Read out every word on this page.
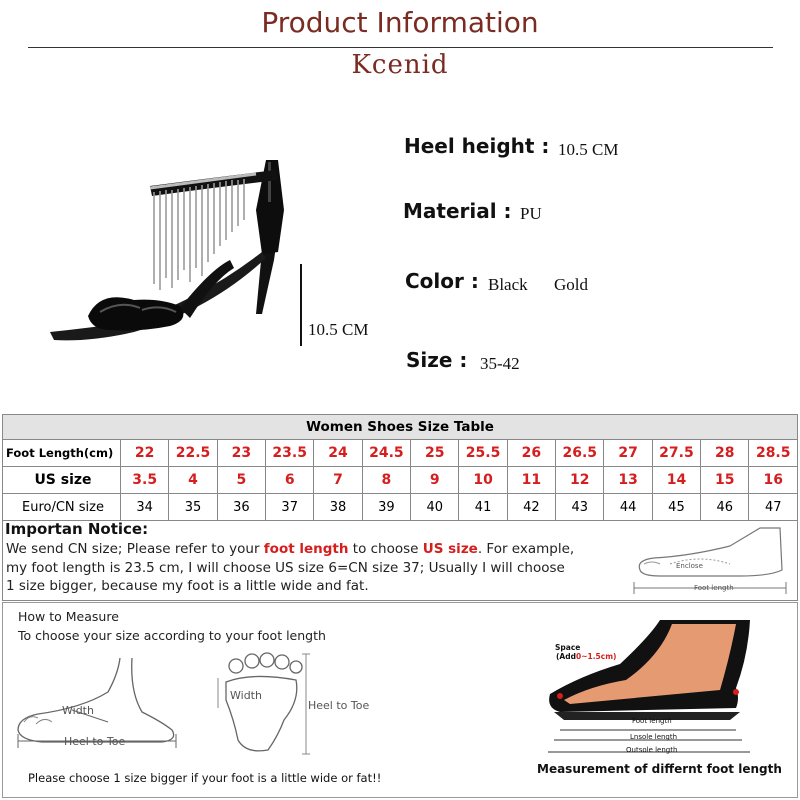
Product Information
Kcenid
10.5 CM
Heel height : 10.5 CM
Material : PU
Color : Black Gold
Size : 35-42
Women Shoes Size Table														
Foot Length(cm)	22	22.5	23	23.5	24	24.5	25	25.5	26	26.5	27	27.5	28	28.5
US size	3.5	4	5	6	7	8	9	10	11	12	13	14	15	16
Euro/CN size	34	35	36	37	38	39	40	41	42	43	44	45	46	47
Importan Notice:
We send CN size; Please refer to your foot length to choose US size. For example,
my foot length is 23.5 cm, I will choose US size 6=CN size 37; Usually I will choose
1 size bigger, because my foot is a little wide and fat.
Enclose
Foot length
How to Measure
To choose your size according to your foot length
Width
Heel to Toe
Width
Heel to Toe
Please choose 1 size bigger if your foot is a little wide or fat!!
Space
(Add0~1.5cm)
Foot length
Lnsole length
Outsole length
Measurement of differnt foot length
